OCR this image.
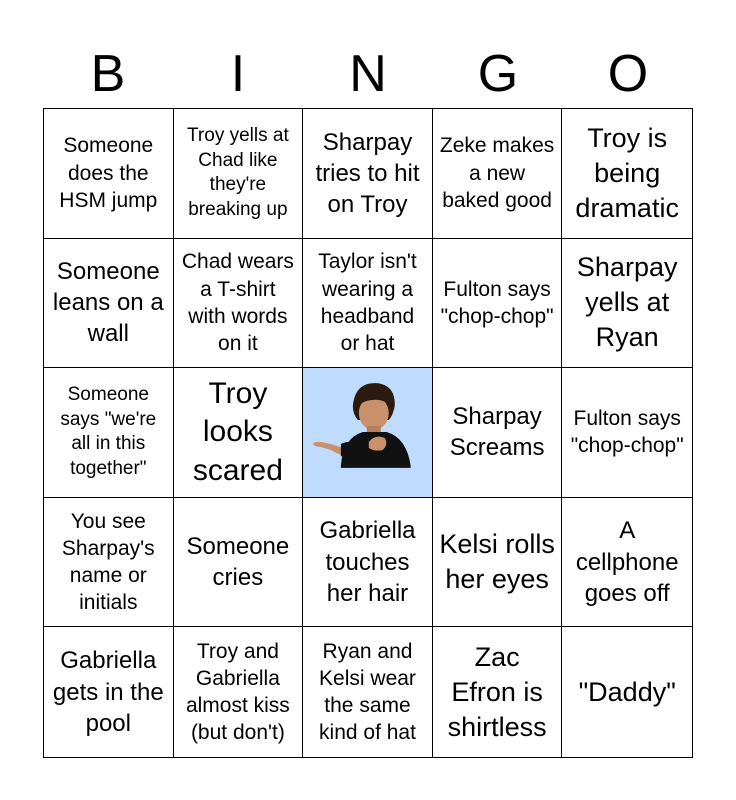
B	I	N	G	O
Someone does the HSM jump
Troy yells at Chad like they're breaking up
Sharpay tries to hit on Troy
Zeke makes a new baked good
Troy is being dramatic
Someone leans on a wall
Chad wears a T-shirt with words on it
Taylor isn't wearing a headband or hat
Fulton says "chop-chop"
Sharpay yells at Ryan
Someone says "we're all in this together"
Troy looks scared
Sharpay Screams
Fulton says "chop-chop"
You see Sharpay's name or initials
Someone cries
Gabriella touches her hair
Kelsi rolls her eyes
A cellphone goes off
Gabriella gets in the pool
Troy and Gabriella almost kiss (but don't)
Ryan and Kelsi wear the same kind of hat
Zac Efron is shirtless
"Daddy"
